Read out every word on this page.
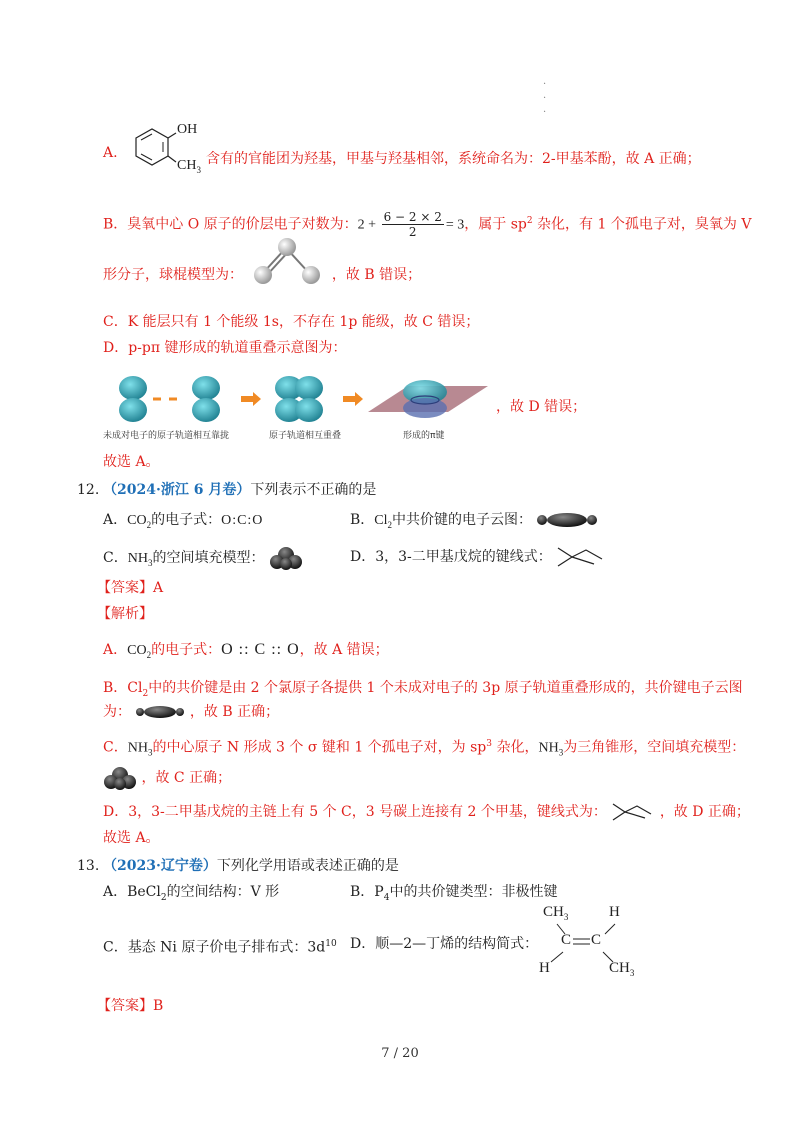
·
·
·
A.
OH
$CH_3$
含有的官能团为羟基，甲基与羟基相邻，系统命名为：2-甲基苯酚，故 A 正确；
B．臭氧中心 O 原子的价层电子对数为：$2 + \frac{6 - 2 \times 2}{2} = 3$，属于 $sp^2$ 杂化，有 1 个孤电子对，臭氧为 V
形分子，球棍模型为：	，故 B 错误；
C．K 能层只有 1 个能级 1s，不存在 1p 能级，故 C 错误；
D．p-pπ 键形成的轨道重叠示意图为：
未成对电子的原子轨道相互靠拢	原子轨道相互重叠	形成的π键
，故 D 错误；
故选 A。
12. （2024·浙江 6 月卷）下列表示不正确的是
A．$CO_2$的电子式：O:C:O	B．$Cl_2$中共价键的电子云图：
C．$NH_3$的空间填充模型：	D．3，3-二甲基戊烷的键线式：
【答案】A
【解析】
A．$CO_2$的电子式：O :: C :: O，故 A 错误；
B．$Cl_2$中的共价键是由 2 个氯原子各提供 1 个未成对电子的 3p 原子轨道重叠形成的，共价键电子云图
为：	，故 B 正确；
C．$NH_3$的中心原子 N 形成 3 个 σ 键和 1 个孤电子对，为 $sp^3$ 杂化，$NH_3$为三角锥形，空间填充模型：
，故 C 正确；
D．3，3-二甲基戊烷的主链上有 5 个 C，3 号碳上连接有 2 个甲基，键线式为：	，故 D 正确；
故选 A。
13. （2023·辽宁卷）下列化学用语或表述正确的是
A．BeCl$_2$的空间结构：V 形	B．$P_4$中的共价键类型：非极性键
C．基态 Ni 原子价电子排布式：$3d^{10}$ D．顺—2—丁烯的结构简式：
$CH_3$	H
C C
H	$CH_3$
【答案】B
7 / 20
